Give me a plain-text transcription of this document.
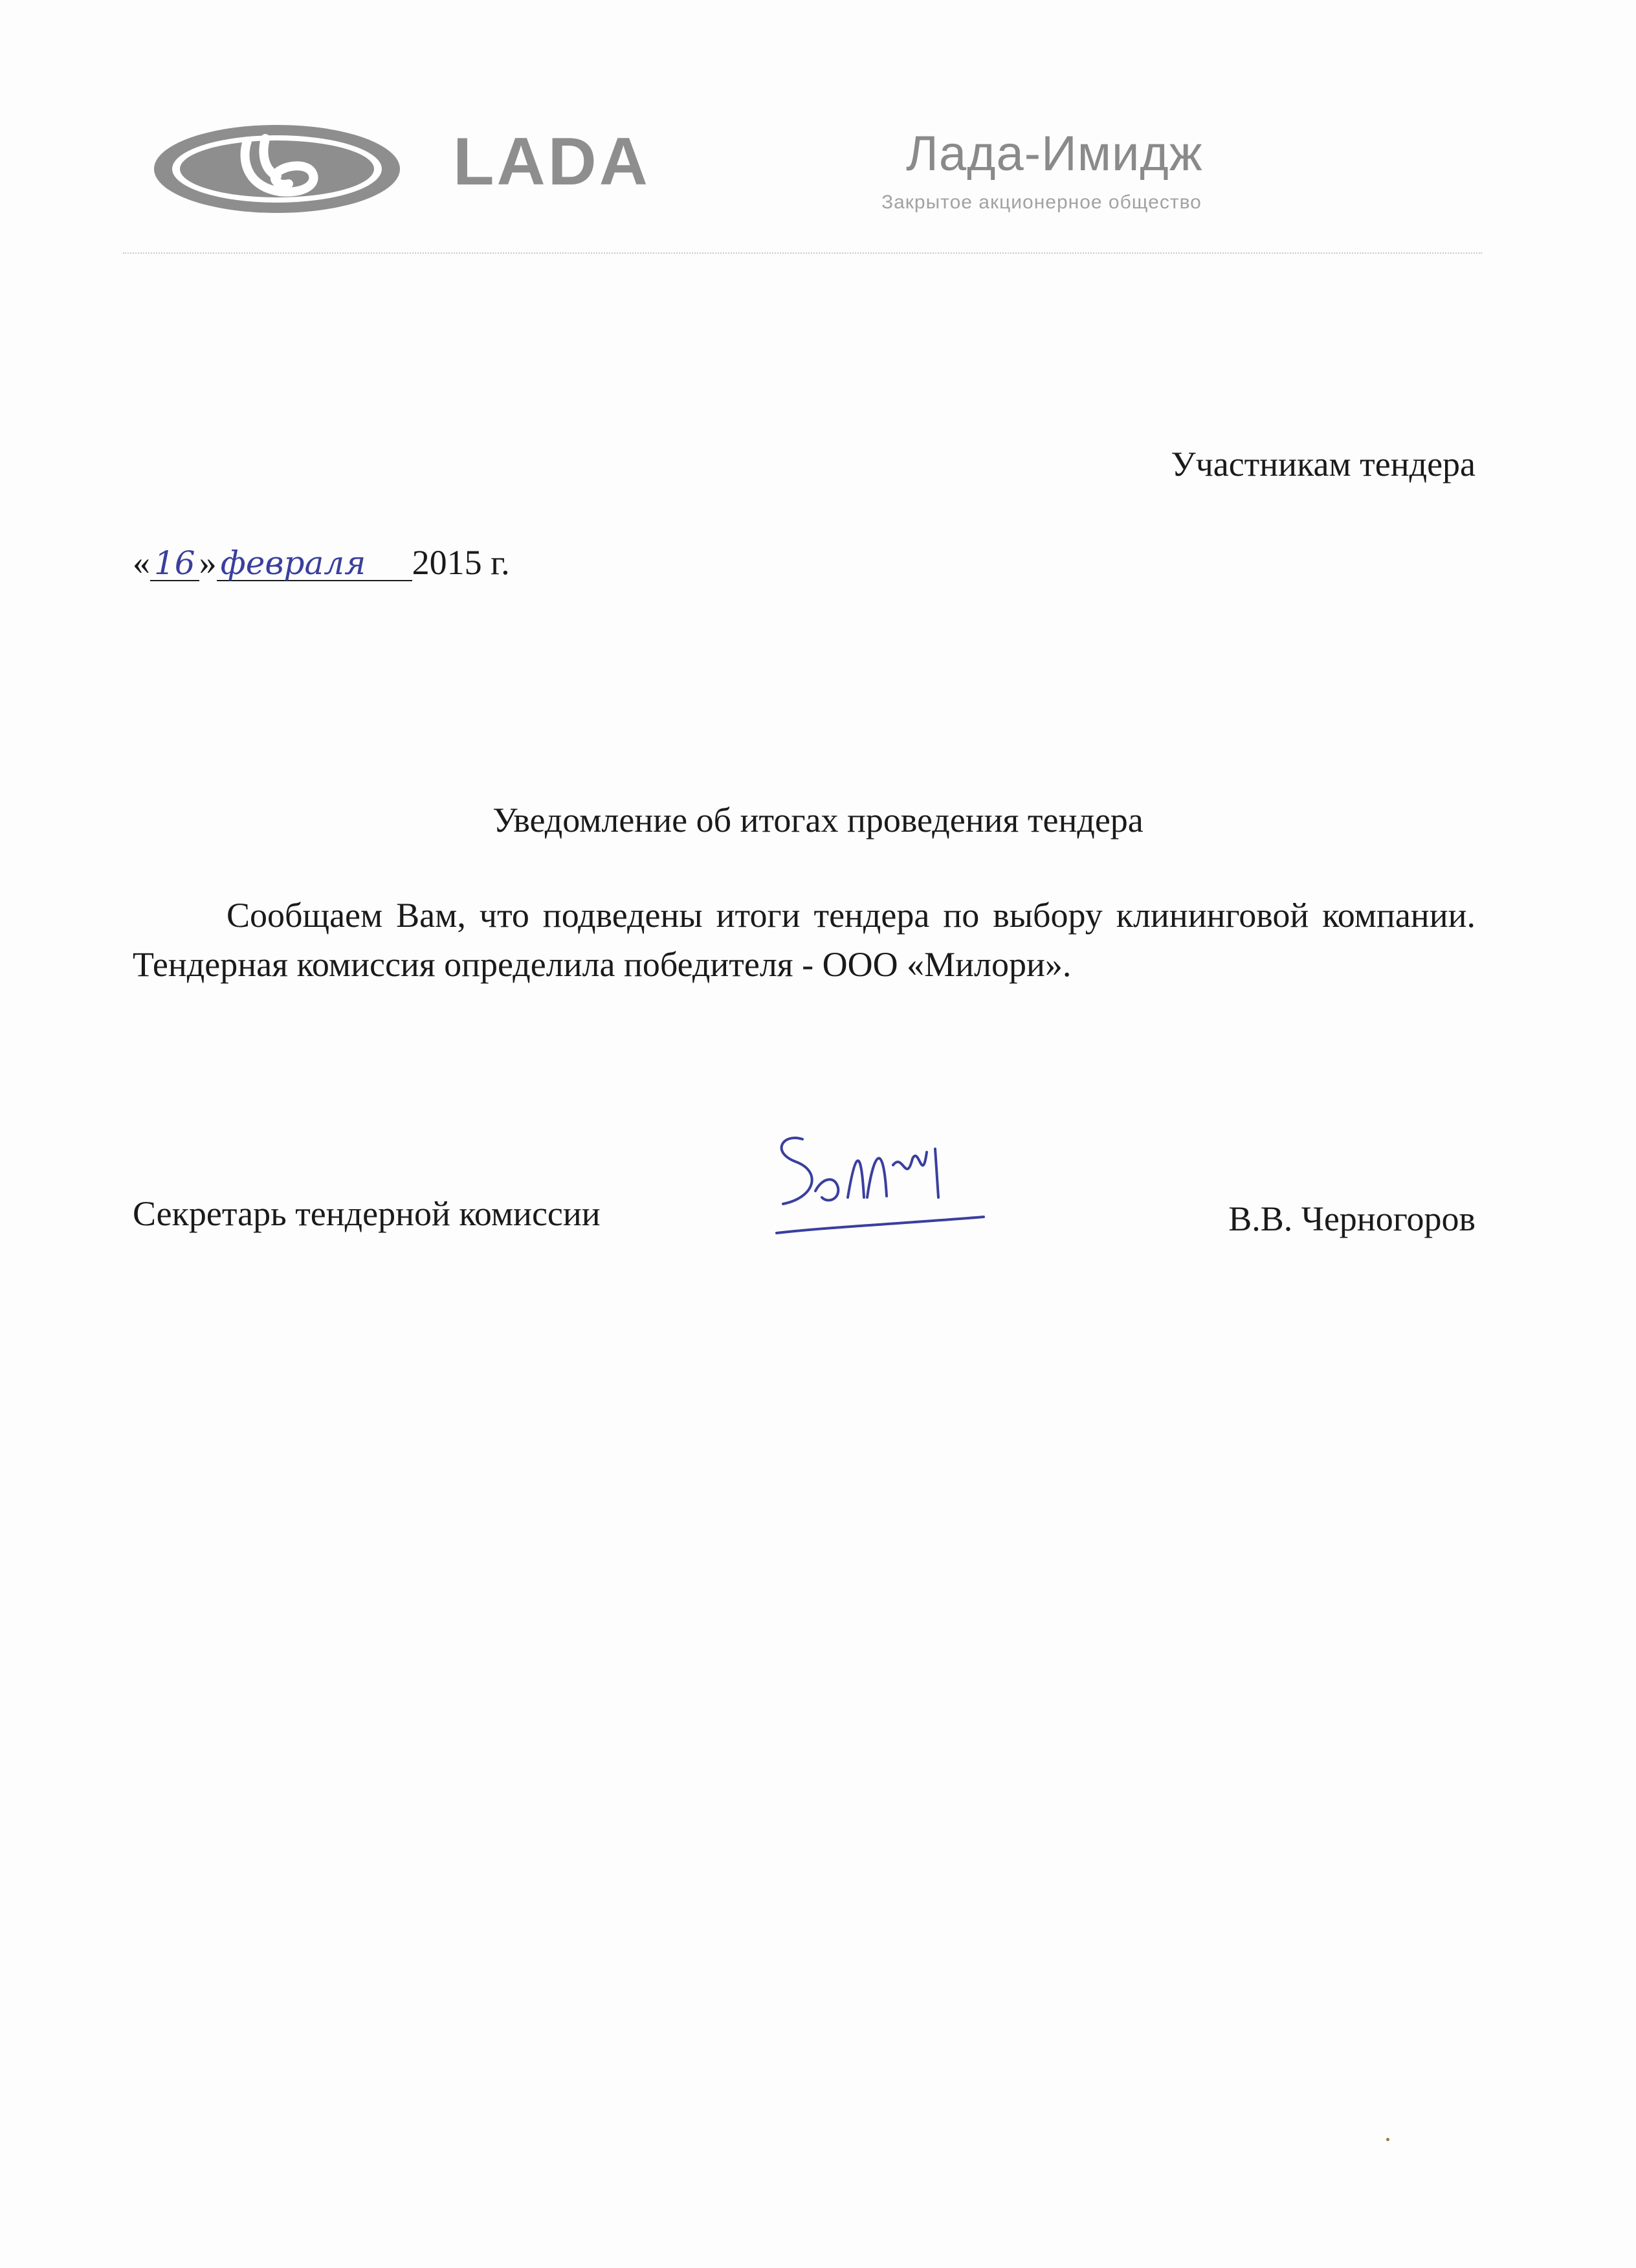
LADA	Лада-Имидж
Закрытое акционерное общество
Участникам тендера
« 16 » февраля 2015 г.
Уведомление об итогах проведения тендера
Сообщаем Вам, что подведены итоги тендера по выбору клининговой компании. Тендерная комиссия определила победителя - ООО «Милори».
Секретарь тендерной комиссии	В.В. Черногоров
